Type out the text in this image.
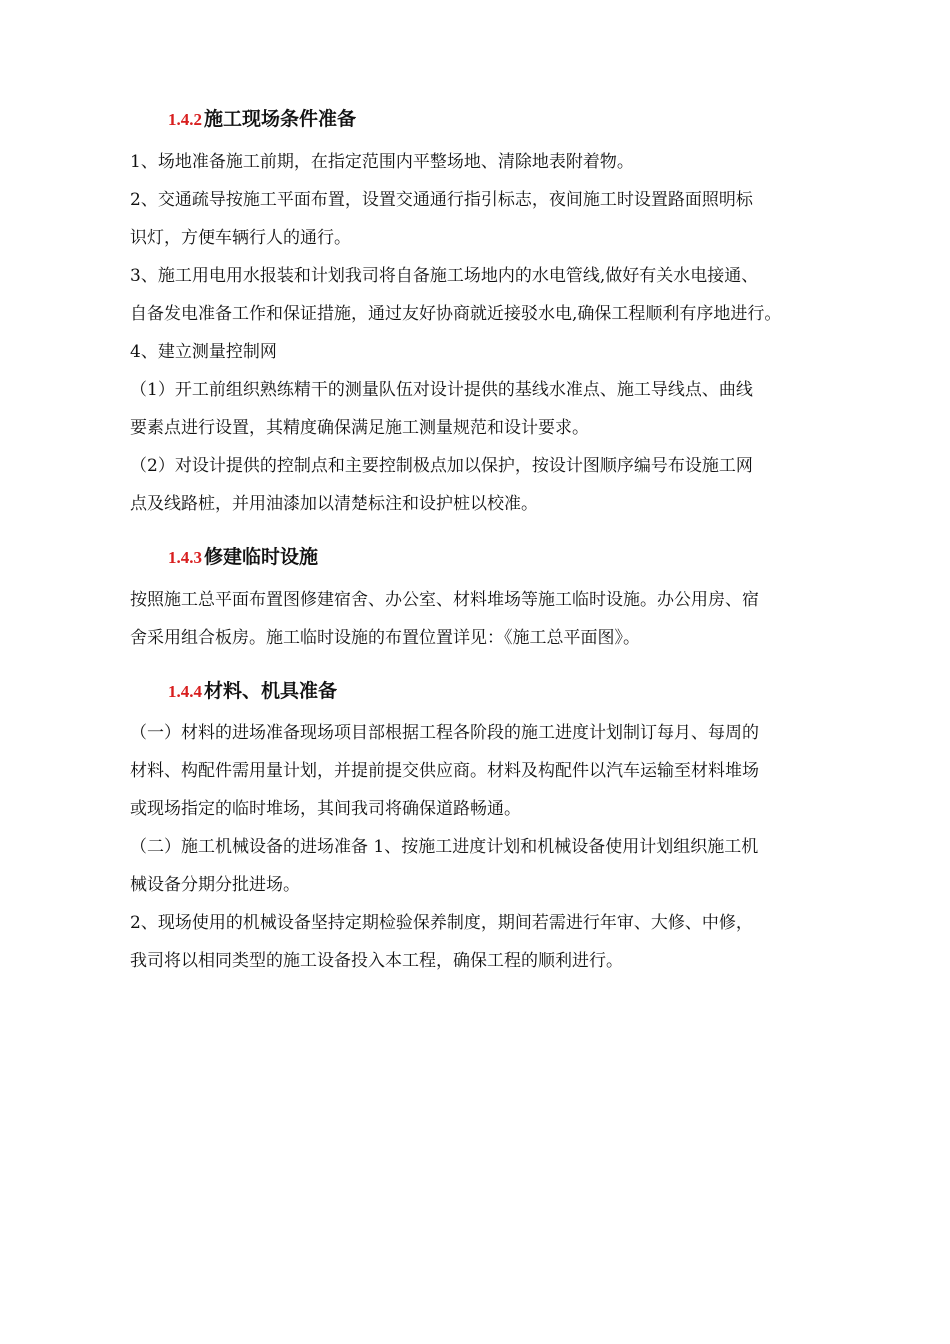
1.4.2 施工现场条件准备
1、场地准备施工前期，在指定范围内平整场地、清除地表附着物。
2、交通疏导按施工平面布置，设置交通通行指引标志，夜间施工时设置路面照明标
识灯，方便车辆行人的通行。
3、施工用电用水报装和计划我司将自备施工场地内的水电管线,做好有关水电接通、
自备发电准备工作和保证措施，通过友好协商就近接驳水电,确保工程顺利有序地进行。
4、建立测量控制网
（1）开工前组织熟练精干的测量队伍对设计提供的基线水准点、施工导线点、曲线
要素点进行设置，其精度确保满足施工测量规范和设计要求。
（2）对设计提供的控制点和主要控制极点加以保护，按设计图顺序编号布设施工网
点及线路桩，并用油漆加以清楚标注和设护桩以校准。
1.4.3 修建临时设施
按照施工总平面布置图修建宿舍、办公室、材料堆场等施工临时设施。办公用房、宿
舍采用组合板房。施工临时设施的布置位置详见：《施工总平面图》。
1.4.4 材料、机具准备
（一）材料的进场准备现场项目部根据工程各阶段的施工进度计划制订每月、每周的
材料、构配件需用量计划，并提前提交供应商。材料及构配件以汽车运输至材料堆场
或现场指定的临时堆场，其间我司将确保道路畅通。
（二）施工机械设备的进场准备 1、按施工进度计划和机械设备使用计划组织施工机
械设备分期分批进场。
2、现场使用的机械设备坚持定期检验保养制度，期间若需进行年审、大修、中修，
我司将以相同类型的施工设备投入本工程，确保工程的顺利进行。
